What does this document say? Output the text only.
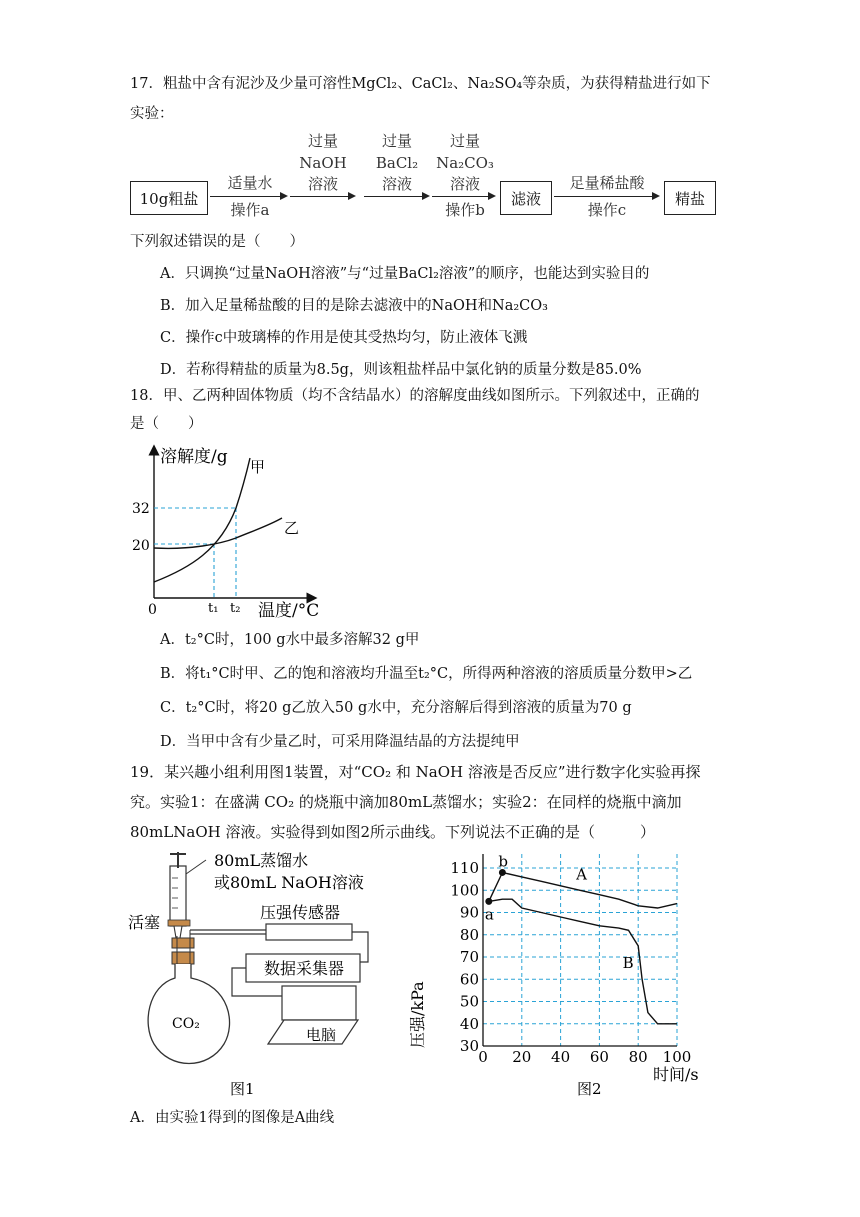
17．粗盐中含有泥沙及少量可溶性MgCl₂、CaCl₂、Na₂SO₄等杂质，为获得精盐进行如下
实验：
10g粗盐
适量水
操作a
过量
NaOH
溶液
过量
BaCl₂
溶液
过量
Na₂CO₃
溶液
操作b
滤液
足量稀盐酸
操作c
精盐
下列叙述错误的是（　　）
A．只调换“过量NaOH溶液”与“过量BaCl₂溶液”的顺序，也能达到实验目的
B．加入足量稀盐酸的目的是除去滤液中的NaOH和Na₂CO₃
C．操作c中玻璃棒的作用是使其受热均匀，防止液体飞溅
D．若称得精盐的质量为8.5g，则该粗盐样品中氯化钠的质量分数是85.0%
18．甲、乙两种固体物质（均不含结晶水）的溶解度曲线如图所示。下列叙述中，正确的
是（　　）
溶解度/g 甲
乙
32
20
0	t₁ t₂ 温度/°C
A．t₂°C时，100 g水中最多溶解32 g甲
B．将t₁°C时甲、乙的饱和溶液均升温至t₂°C，所得两种溶液的溶质质量分数甲>乙
C．t₂°C时，将20 g乙放入50 g水中，充分溶解后得到溶液的质量为70 g
D．当甲中含有少量乙时，可采用降温结晶的方法提纯甲
19．某兴趣小组利用图1装置，对“CO₂ 和 NaOH 溶液是否反应”进行数字化实验再探
究。实验1：在盛满 CO₂ 的烧瓶中滴加80mL蒸馏水；实验2：在同样的烧瓶中滴加
80mLNaOH 溶液。实验得到如图2所示曲线。下列说法不正确的是（　　　）
80mL蒸馏水
或80mL NaOH溶液
活塞
压强传感器
数据采集器
CO₂
电脑
图1
0 20 40 60 80 100
30
40
50
60
70
80
90
100
110
压强/kPa
时间/s
图2
a
b
A
B
A．由实验1得到的图像是A曲线
